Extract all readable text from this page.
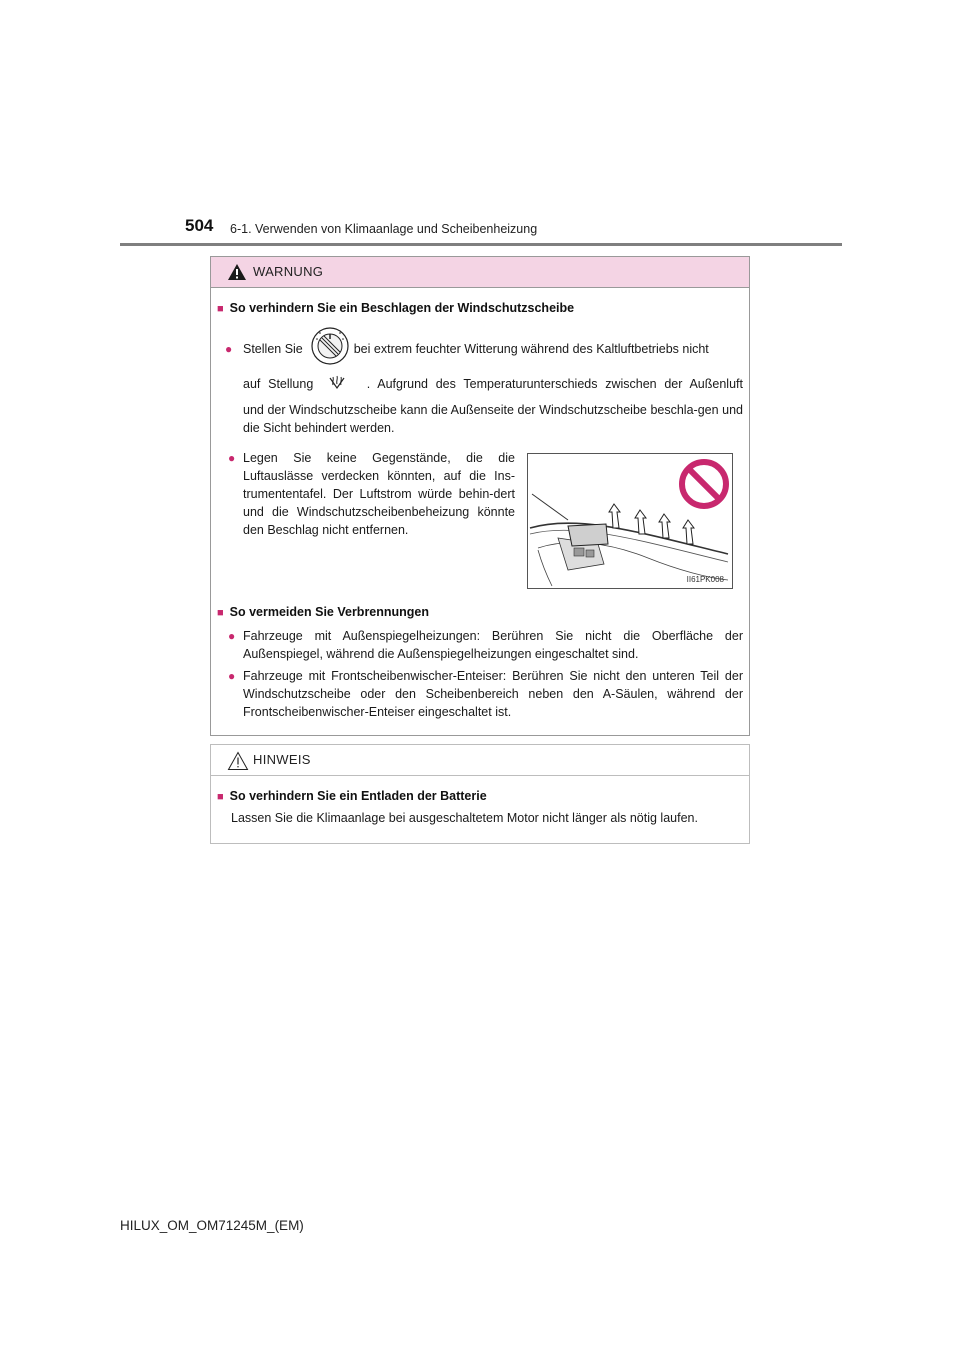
504 6-1. Verwenden von Klimaanlage und Scheibenheizung
WARNUNG
■ So verhindern Sie ein Beschlagen der Windschutzscheibe
● Stellen Sie	bei extrem feuchter Witterung während des Kaltluftbetriebs nicht
auf Stellung	. Aufgrund des Temperaturunterschieds zwischen der Außenluft
und der Windschutzscheibe kann die Außenseite der Windschutzscheibe beschla-gen und die Sicht behindert werden.
● Legen Sie keine Gegenstände, die die Luftauslässe verdecken könnten, auf die Ins-trumententafel. Der Luftstrom würde behin-dert und die Windschutzscheibenbeheizung könnte den Beschlag nicht entfernen.
II61PK008
■ So vermeiden Sie Verbrennungen
● Fahrzeuge mit Außenspiegelheizungen: Berühren Sie nicht die Oberfläche der Außenspiegel, während die Außenspiegelheizungen eingeschaltet sind.
● Fahrzeuge mit Frontscheibenwischer-Enteiser: Berühren Sie nicht den unteren Teil der Windschutzscheibe oder den Scheibenbereich neben den A-Säulen, während der Frontscheibenwischer-Enteiser eingeschaltet ist.
HINWEIS
■ So verhindern Sie ein Entladen der Batterie
Lassen Sie die Klimaanlage bei ausgeschaltetem Motor nicht länger als nötig laufen.
HILUX_OM_OM71245M_(EM)
